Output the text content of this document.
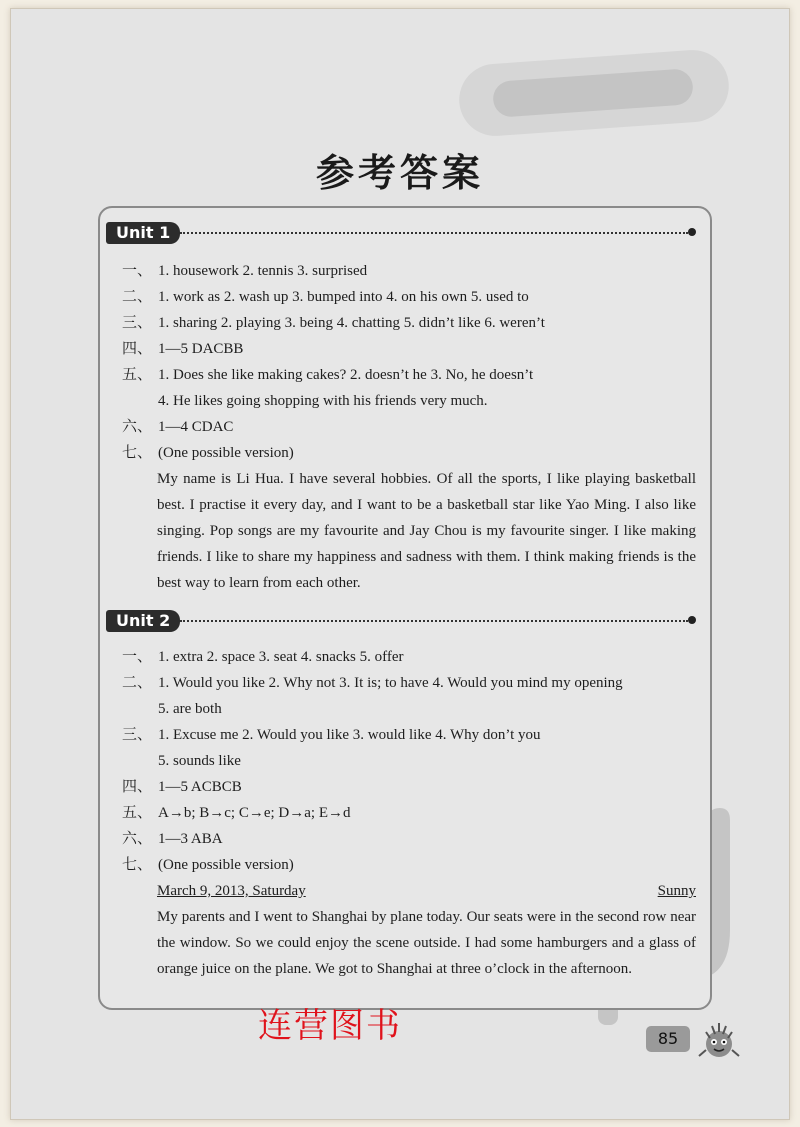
参考答案
Unit 1
一、 1. housework 2. tennis 3. surprised
二、 1. work as 2. wash up 3. bumped into 4. on his own 5. used to
三、 1. sharing 2. playing 3. being 4. chatting 5. didn’t like 6. weren’t
四、 1—5 DACBB
五、 1. Does she like making cakes? 2. doesn’t he 3. No, he doesn’t
4. He likes going shopping with his friends very much.
六、 1—4 CDAC
七、 (One possible version)
My name is Li Hua. I have several hobbies. Of all the sports, I like playing basketball best. I practise it every day, and I want to be a basketball star like Yao Ming. I also like singing. Pop songs are my favourite and Jay Chou is my favourite singer. I like making friends. I like to share my happiness and sadness with them. I think making friends is the best way to learn from each other.
Unit 2
一、 1. extra 2. space 3. seat 4. snacks 5. offer
二、 1. Would you like 2. Why not 3. It is; to have 4. Would you mind my opening
5. are both
三、 1. Excuse me 2. Would you like 3. would like 4. Why don’t you
5. sounds like
四、 1—5 ACBCB
五、 A→b; B→c; C→e; D→a; E→d
六、 1—3 ABA
七、 (One possible version)
March 9, 2013, Saturday	Sunny
My parents and I went to Shanghai by plane today. Our seats were in the second row near the window. So we could enjoy the scene outside. I had some hamburgers and a glass of orange juice on the plane. We got to Shanghai at three o’clock in the afternoon.
连营图书	85
